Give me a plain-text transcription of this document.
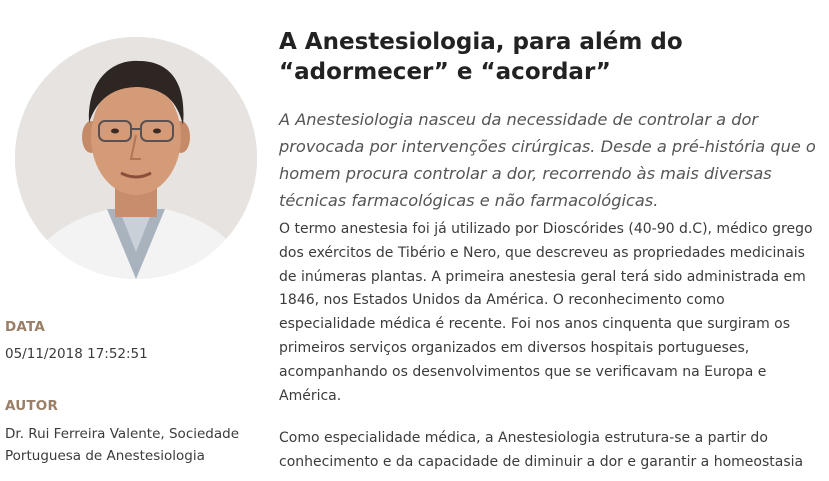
DATA
05/11/2018 17:52:51
AUTOR
Dr. Rui Ferreira Valente, Sociedade Portuguesa de Anestesiologia
A Anestesiologia, para além do “adormecer” e “acordar”

A Anestesiologia nasceu da necessidade de controlar a dor provocada por intervenções cirúrgicas. Desde a pré-história que o homem procura controlar a dor, recorrendo às mais diversas técnicas farmacológicas e não farmacológicas.

O termo anestesia foi já utilizado por Dioscórides (40-90 d.C), médico grego dos exércitos de Tibério e Nero, que descreveu as propriedades medicinais de inúmeras plantas. A primeira anestesia geral terá sido administrada em 1846, nos Estados Unidos da América. O reconhecimento como especialidade médica é recente. Foi nos anos cinquenta que surgiram os primeiros serviços organizados em diversos hospitais portugueses, acompanhando os desenvolvimentos que se verificavam na Europa e América.

Como especialidade médica, a Anestesiologia estrutura-se a partir do conhecimento e da capacidade de diminuir a dor e garantir a homeostasia
